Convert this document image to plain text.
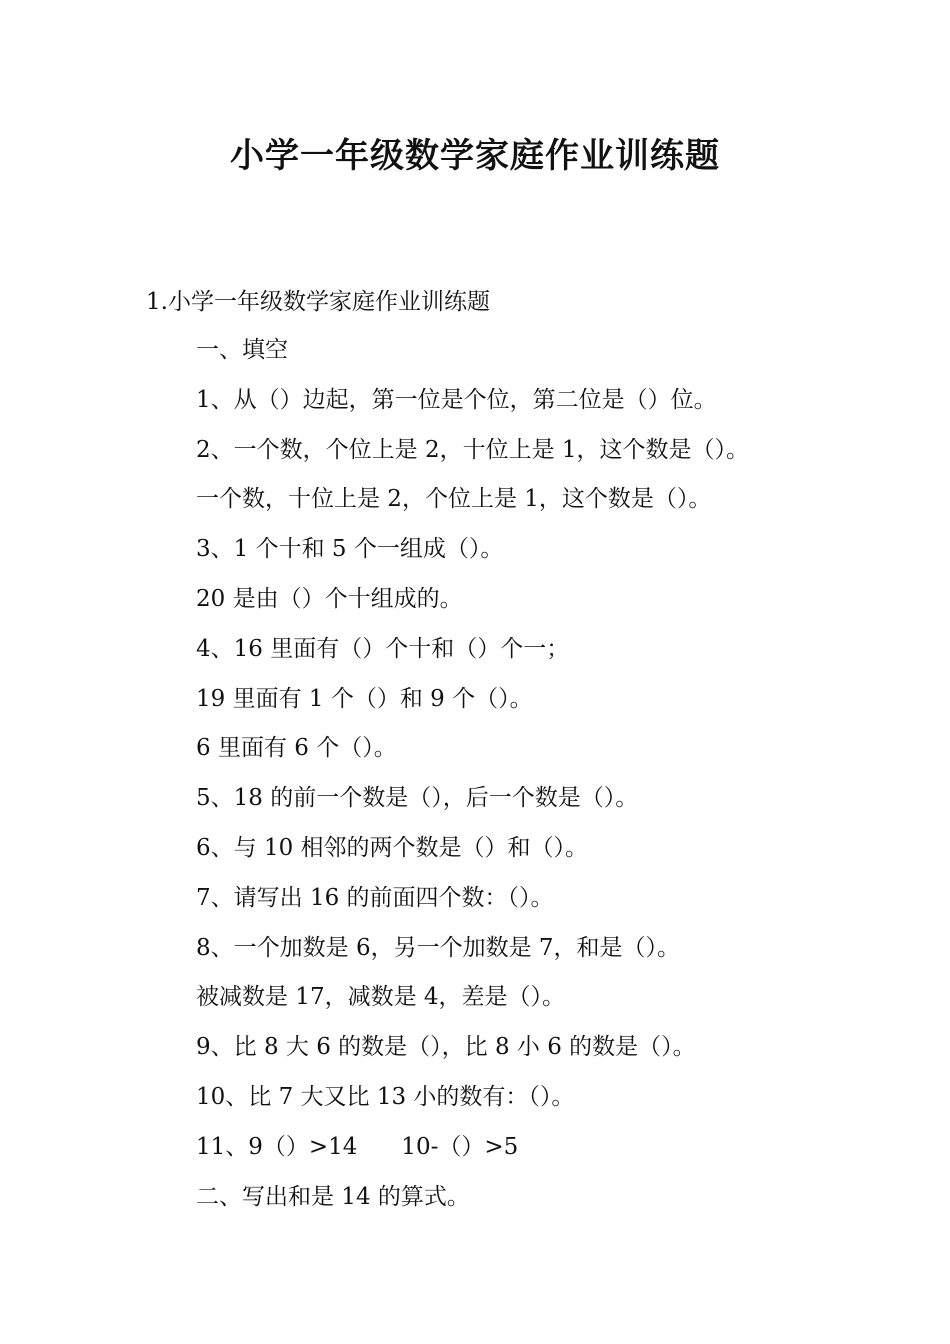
小学一年级数学家庭作业训练题

1.小学一年级数学家庭作业训练题

一、填空
1、从（）边起，第一位是个位，第二位是（）位。
2、一个数，个位上是 2，十位上是 1，这个数是（）。
一个数，十位上是 2，个位上是 1，这个数是（）。
3、1 个十和 5 个一组成（）。
20 是由（）个十组成的。
4、16 里面有（）个十和（）个一；
19 里面有 1 个（）和 9 个（）。
6 里面有 6 个（）。
5、18 的前一个数是（），后一个数是（）。
6、与 10 相邻的两个数是（）和（）。
7、请写出 16 的前面四个数：（）。
8、一个加数是 6，另一个加数是 7，和是（）。
被减数是 17，减数是 4，差是（）。
9、比 8 大 6 的数是（），比 8 小 6 的数是（）。
10、比 7 大又比 13 小的数有：（）。
11、9（）>14      10-（）>5
二、写出和是 14 的算式。
